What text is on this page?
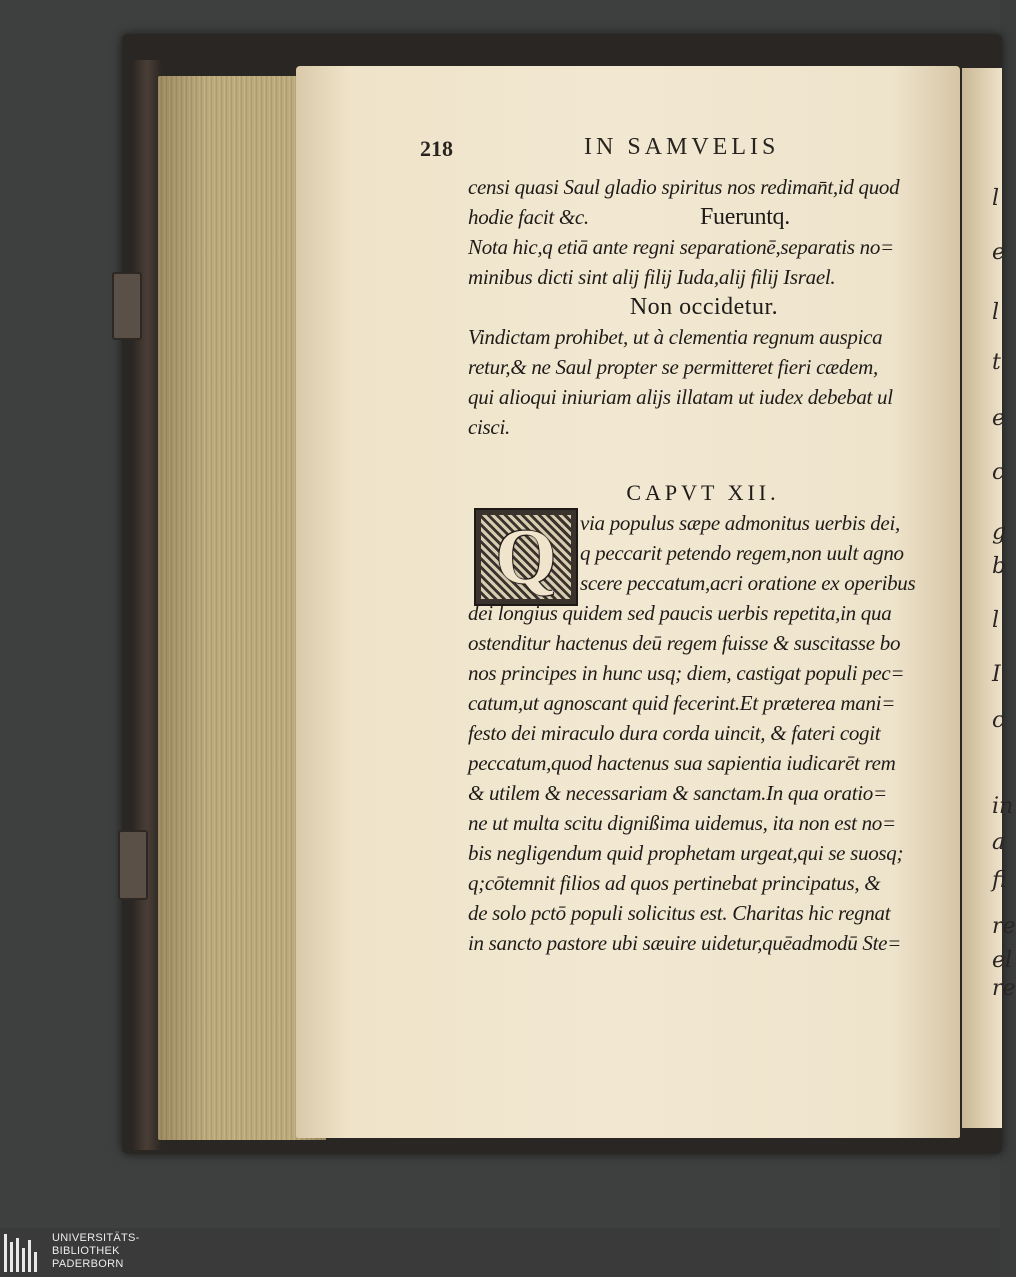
l
e
l
t
e
c
g
b
l
I
c
in
a
fi
re
el
re
218	IN SAMVELIS
censi quasi Saul gladio spiritus nos rediman̄t,id quod
hodie facit &c.	Fueruntq.
Nota hic,q etiā ante regni separationē,separatis no=
minibus dicti sint alij filij Iuda,alij filij Israel.
Non occidetur.
Vindictam prohibet, ut à clementia regnum auspica
retur,& ne Saul propter se permitteret fieri cædem,
qui alioqui iniuriam alijs illatam ut iudex debebat ul
cisci.
CAPVT XII.
Q	via populus sæpe admonitus uerbis dei,
q peccarit petendo regem,non uult agno
scere peccatum,acri oratione ex operibus
dei longius quidem sed paucis uerbis repetita,in qua
ostenditur hactenus deū regem fuisse & suscitasse bo
nos principes in hunc usq; diem, castigat populi pec=
catum,ut agnoscant quid fecerint.Et præterea mani=
festo dei miraculo dura corda uincit, & fateri cogit
peccatum,quod hactenus sua sapientia iudicarēt rem
& utilem & necessariam & sanctam.In qua oratio=
ne ut multa scitu dignißima uidemus, ita non est no=
bis negligendum quid prophetam urgeat,qui se suosq;
q;cōtemnit filios ad quos pertinebat principatus, &
de solo pctō populi solicitus est. Charitas hic regnat
in sancto pastore ubi sæuire uidetur,quēadmodū Ste=
UNIVERSITÄTS-
BIBLIOTHEK
PADERBORN
